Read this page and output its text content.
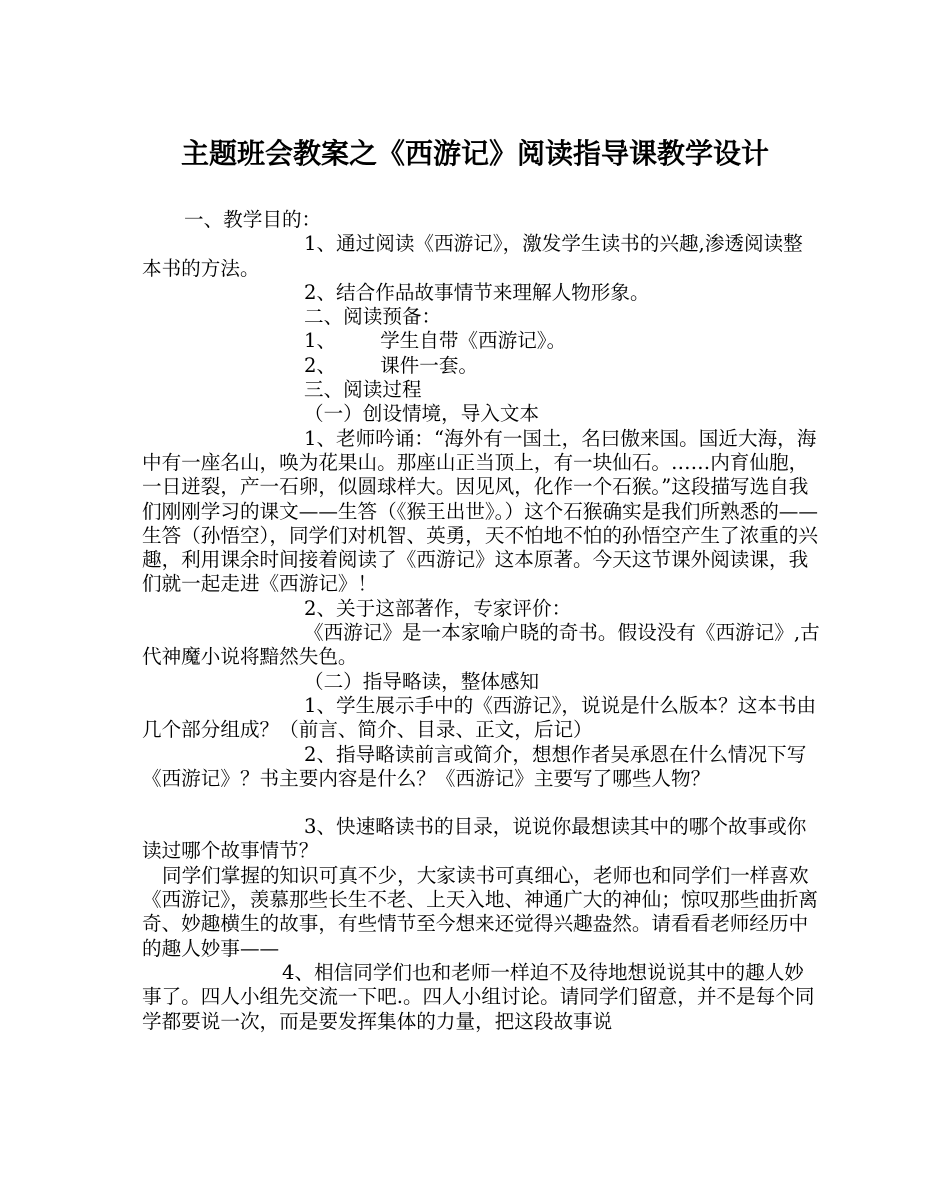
主题班会教案之《西游记》阅读指导课教学设计

一、教学目的：

1、通过阅读《西游记》，激发学生读书的兴趣,渗透阅读整本书的方法。

2、结合作品故事情节来理解人物形象。

二、阅读预备：

1、 学生自带《西游记》。

2、 课件一套。

三、阅读过程

（一）创设情境，导入文本

1、老师吟诵：“海外有一国土，名曰傲来国。国近大海，海中有一座名山，唤为花果山。那座山正当顶上，有一块仙石。……内育仙胞，一日迸裂，产一石卵，似圆球样大。因见风，化作一个石猴。”这段描写选自我们刚刚学习的课文——生答（《猴王出世》。）这个石猴确实是我们所熟悉的——生答（孙悟空），同学们对机智、英勇，天不怕地不怕的孙悟空产生了浓重的兴趣，利用课余时间接着阅读了《西游记》这本原著。今天这节课外阅读课，我们就一起走进《西游记》！

2、关于这部著作，专家评价：

《西游记》是一本家喻户晓的奇书。假设没有《西游记》,古代神魔小说将黯然失色。

（二）指导略读，整体感知

1、学生展示手中的《西游记》，说说是什么版本？这本书由几个部分组成？（前言、简介、目录、正文，后记）

2、指导略读前言或简介，想想作者吴承恩在什么情况下写《西游记》？书主要内容是什么？《西游记》主要写了哪些人物？

3、快速略读书的目录，说说你最想读其中的哪个故事或你读过哪个故事情节？

同学们掌握的知识可真不少，大家读书可真细心，老师也和同学们一样喜欢《西游记》，羡慕那些长生不老、上天入地、神通广大的神仙；惊叹那些曲折离奇、妙趣横生的故事，有些情节至今想来还觉得兴趣盎然。请看看老师经历中的趣人妙事——

4、相信同学们也和老师一样迫不及待地想说说其中的趣人妙事了。四人小组先交流一下吧.。四人小组讨论。请同学们留意，并不是每个同学都要说一次，而是要发挥集体的力量，把这段故事说
